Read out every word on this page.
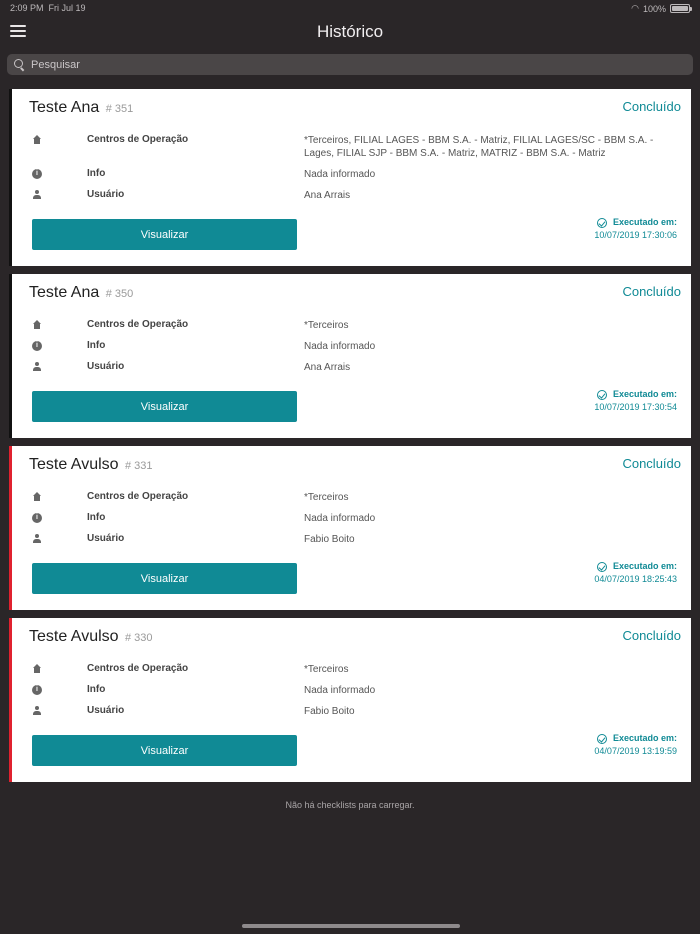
2:09 PM Fri Jul 19	◠ 100%
Histórico
Pesquisar
Teste Ana # 351	Concluído
Centros de Operação	*Terceiros, FILIAL LAGES - BBM S.A. - Matriz, FILIAL LAGES/SC - BBM S.A. - Lages, FILIAL SJP - BBM S.A. - Matriz, MATRIZ - BBM S.A. - Matriz
i	Info	Nada informado
Usuário	Ana Arrais
Visualizar
Executado em:
10/07/2019 17:30:06
Teste Ana # 350	Concluído
Centros de Operação	*Terceiros
i	Info	Nada informado
Usuário	Ana Arrais
Visualizar
Executado em:
10/07/2019 17:30:54
Teste Avulso # 331	Concluído
Centros de Operação	*Terceiros
i	Info	Nada informado
Usuário	Fabio Boito
Visualizar
Executado em:
04/07/2019 18:25:43
Teste Avulso # 330	Concluído
Centros de Operação	*Terceiros
i	Info	Nada informado
Usuário	Fabio Boito
Visualizar
Executado em:
04/07/2019 13:19:59
Não há checklists para carregar.
